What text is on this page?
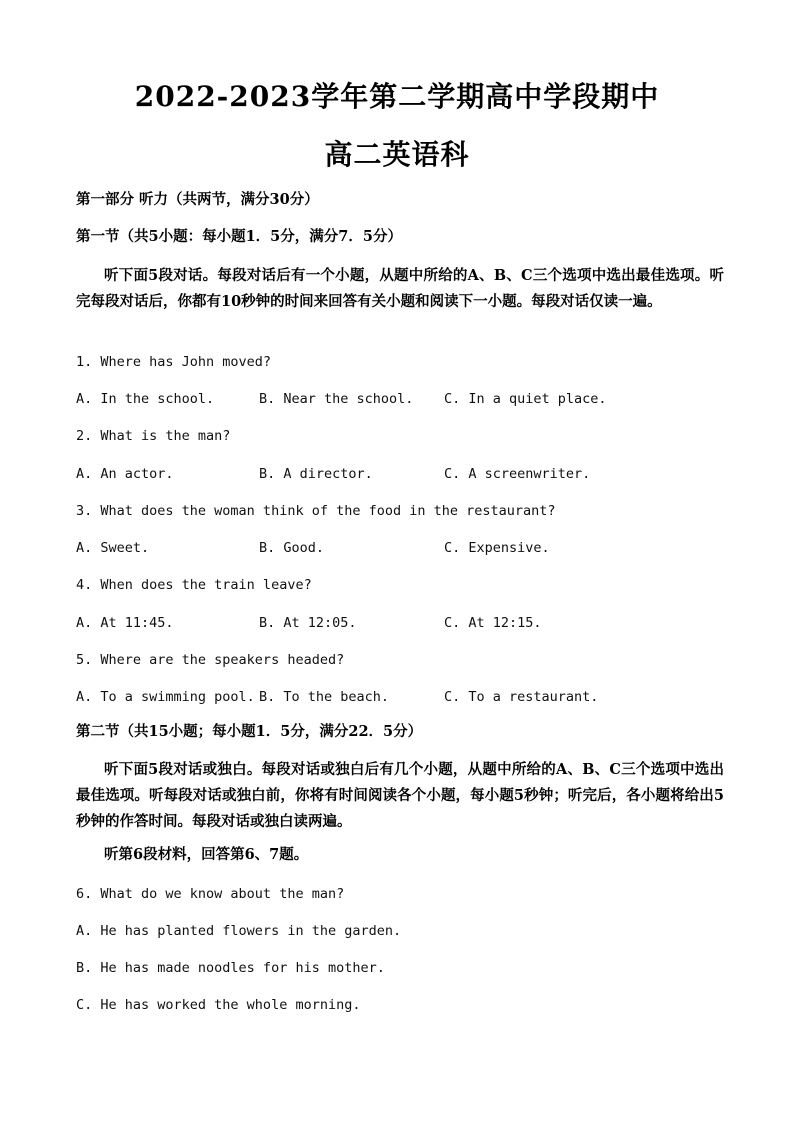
2022-2023学年第二学期高中学段期中
高二英语科
第一部分 听力（共两节，满分30分）
第一节（共5小题：每小题1．5分，满分7．5分）
听下面5段对话。每段对话后有一个小题，从题中所给的A、B、C三个选项中选出最佳选项。听完每段对话后，你都有10秒钟的时间来回答有关小题和阅读下一小题。每段对话仅读一遍。
1. Where has John moved?
A. In the school.	B. Near the school. C. In a quiet place.
2. What is the man?
A. An actor.	B. A director.	C. A screenwriter.
3. What does the woman think of the food in the restaurant?
A. Sweet.	B. Good.	C. Expensive.
4. When does the train leave?
A. At 11:45.	B. At 12:05.	C. At 12:15.
5. Where are the speakers headed?
A. To a swimming pool. B. To the beach.	C. To a restaurant.
第二节（共15小题；每小题1．5分，满分22．5分）
听下面5段对话或独白。每段对话或独白后有几个小题，从题中所给的A、B、C三个选项中选出最佳选项。听每段对话或独白前，你将有时间阅读各个小题，每小题5秒钟；听完后，各小题将给出5秒钟的作答时间。每段对话或独白读两遍。
听第6段材料，回答第6、7题。
6. What do we know about the man?
A. He has planted flowers in the garden.
B. He has made noodles for his mother.
C. He has worked the whole morning.
